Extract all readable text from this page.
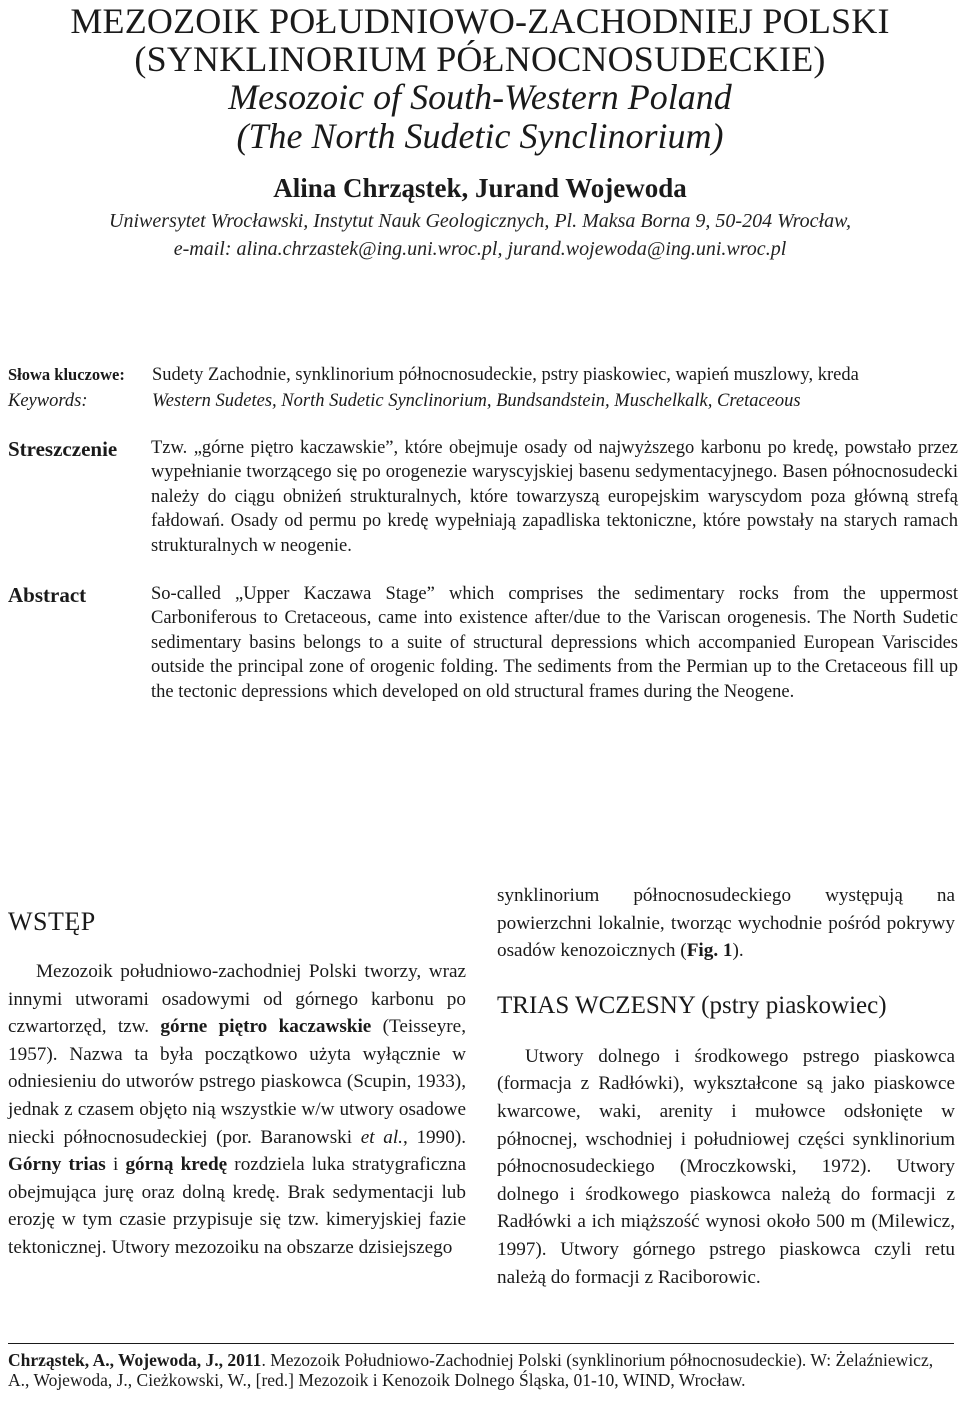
MEZOZOIK POŁUDNIOWO-ZACHODNIEJ POLSKI
(SYNKLINORIUM PÓŁNOCNOSUDECKIE)
Mesozoic of South-Western Poland
(The North Sudetic Synclinorium)
Alina Chrząstek, Jurand Wojewoda
Uniwersytet Wrocławski, Instytut Nauk Geologicznych, Pl. Maksa Borna 9, 50-204 Wrocław,
e-mail: alina.chrzastek@ing.uni.wroc.pl, jurand.wojewoda@ing.uni.wroc.pl
Słowa kluczowe:	Sudety Zachodnie, synklinorium północnosudeckie, pstry piaskowiec, wapień muszlowy, kreda
Keywords:	Western Sudetes, North Sudetic Synclinorium, Bundsandstein, Muschelkalk, Cretaceous
Streszczenie	Tzw. „górne piętro kaczawskie”, które obejmuje osady od najwyższego karbonu po kredę, powstało przez wypełnianie tworzącego się po orogenezie waryscyjskiej basenu sedymentacyjnego. Basen północnosudecki należy do ciągu obniżeń strukturalnych, które towarzyszą europejskim waryscydom poza główną strefą fałdowań. Osady od permu po kredę wypełniają zapadliska tektoniczne, które powstały na starych ramach strukturalnych w neogenie.
Abstract	So-called „Upper Kaczawa Stage” which comprises the sedimentary rocks from the uppermost Carboniferous to Cretaceous, came into existence after/due to the Variscan orogenesis. The North Sudetic sedimentary basins belongs to a suite of structural depressions which accompanied European Variscides outside the principal zone of orogenic folding. The sediments from the Permian up to the Cretaceous fill up the tectonic depressions which developed on old structural frames during the Neogene.
WSTĘP

Mezozoik południowo-zachodniej Polski tworzy, wraz innymi utworami osadowymi od górnego karbonu po czwartorzęd, tzw. górne piętro kaczawskie (Teisseyre, 1957). Nazwa ta była początkowo użyta wyłącznie w odniesieniu do utworów pstrego piaskowca (Scupin, 1933), jednak z czasem objęto nią wszystkie w/w utwory osadowe niecki północnosudeckiej (por. Baranowski et al., 1990). Górny trias i górną kredę rozdziela luka stratygraficzna obejmująca jurę oraz dolną kredę. Brak sedymentacji lub erozję w tym czasie przypisuje się tzw. kimeryjskiej fazie tektonicznej. Utwory mezozoiku na obszarze dzisiejszego

synklinorium północnosudeckiego występują na powierzchni lokalnie, tworząc wychodnie pośród pokrywy osadów kenozoicznych (Fig. 1).

TRIAS WCZESNY (pstry piaskowiec)

Utwory dolnego i środkowego pstrego piaskowca (formacja z Radłówki), wykształcone są jako piaskowce kwarcowe, waki, arenity i mułowce odsłonięte w północnej, wschodniej i południowej części synklinorium północnosudeckiego (Mroczkowski, 1972). Utwory dolnego i środkowego piaskowca należą do formacji z Radłówki a ich miąższość wynosi około 500 m (Milewicz, 1997). Utwory górnego pstrego piaskowca czyli retu należą do formacji z Raciborowic.

Chrząstek, A., Wojewoda, J., 2011. Mezozoik Południowo-Zachodniej Polski (synklinorium północnosudeckie). W: Żelaźniewicz, A., Wojewoda, J., Cieżkowski, W., [red.] Mezozoik i Kenozoik Dolnego Śląska, 01-10, WIND, Wrocław.
